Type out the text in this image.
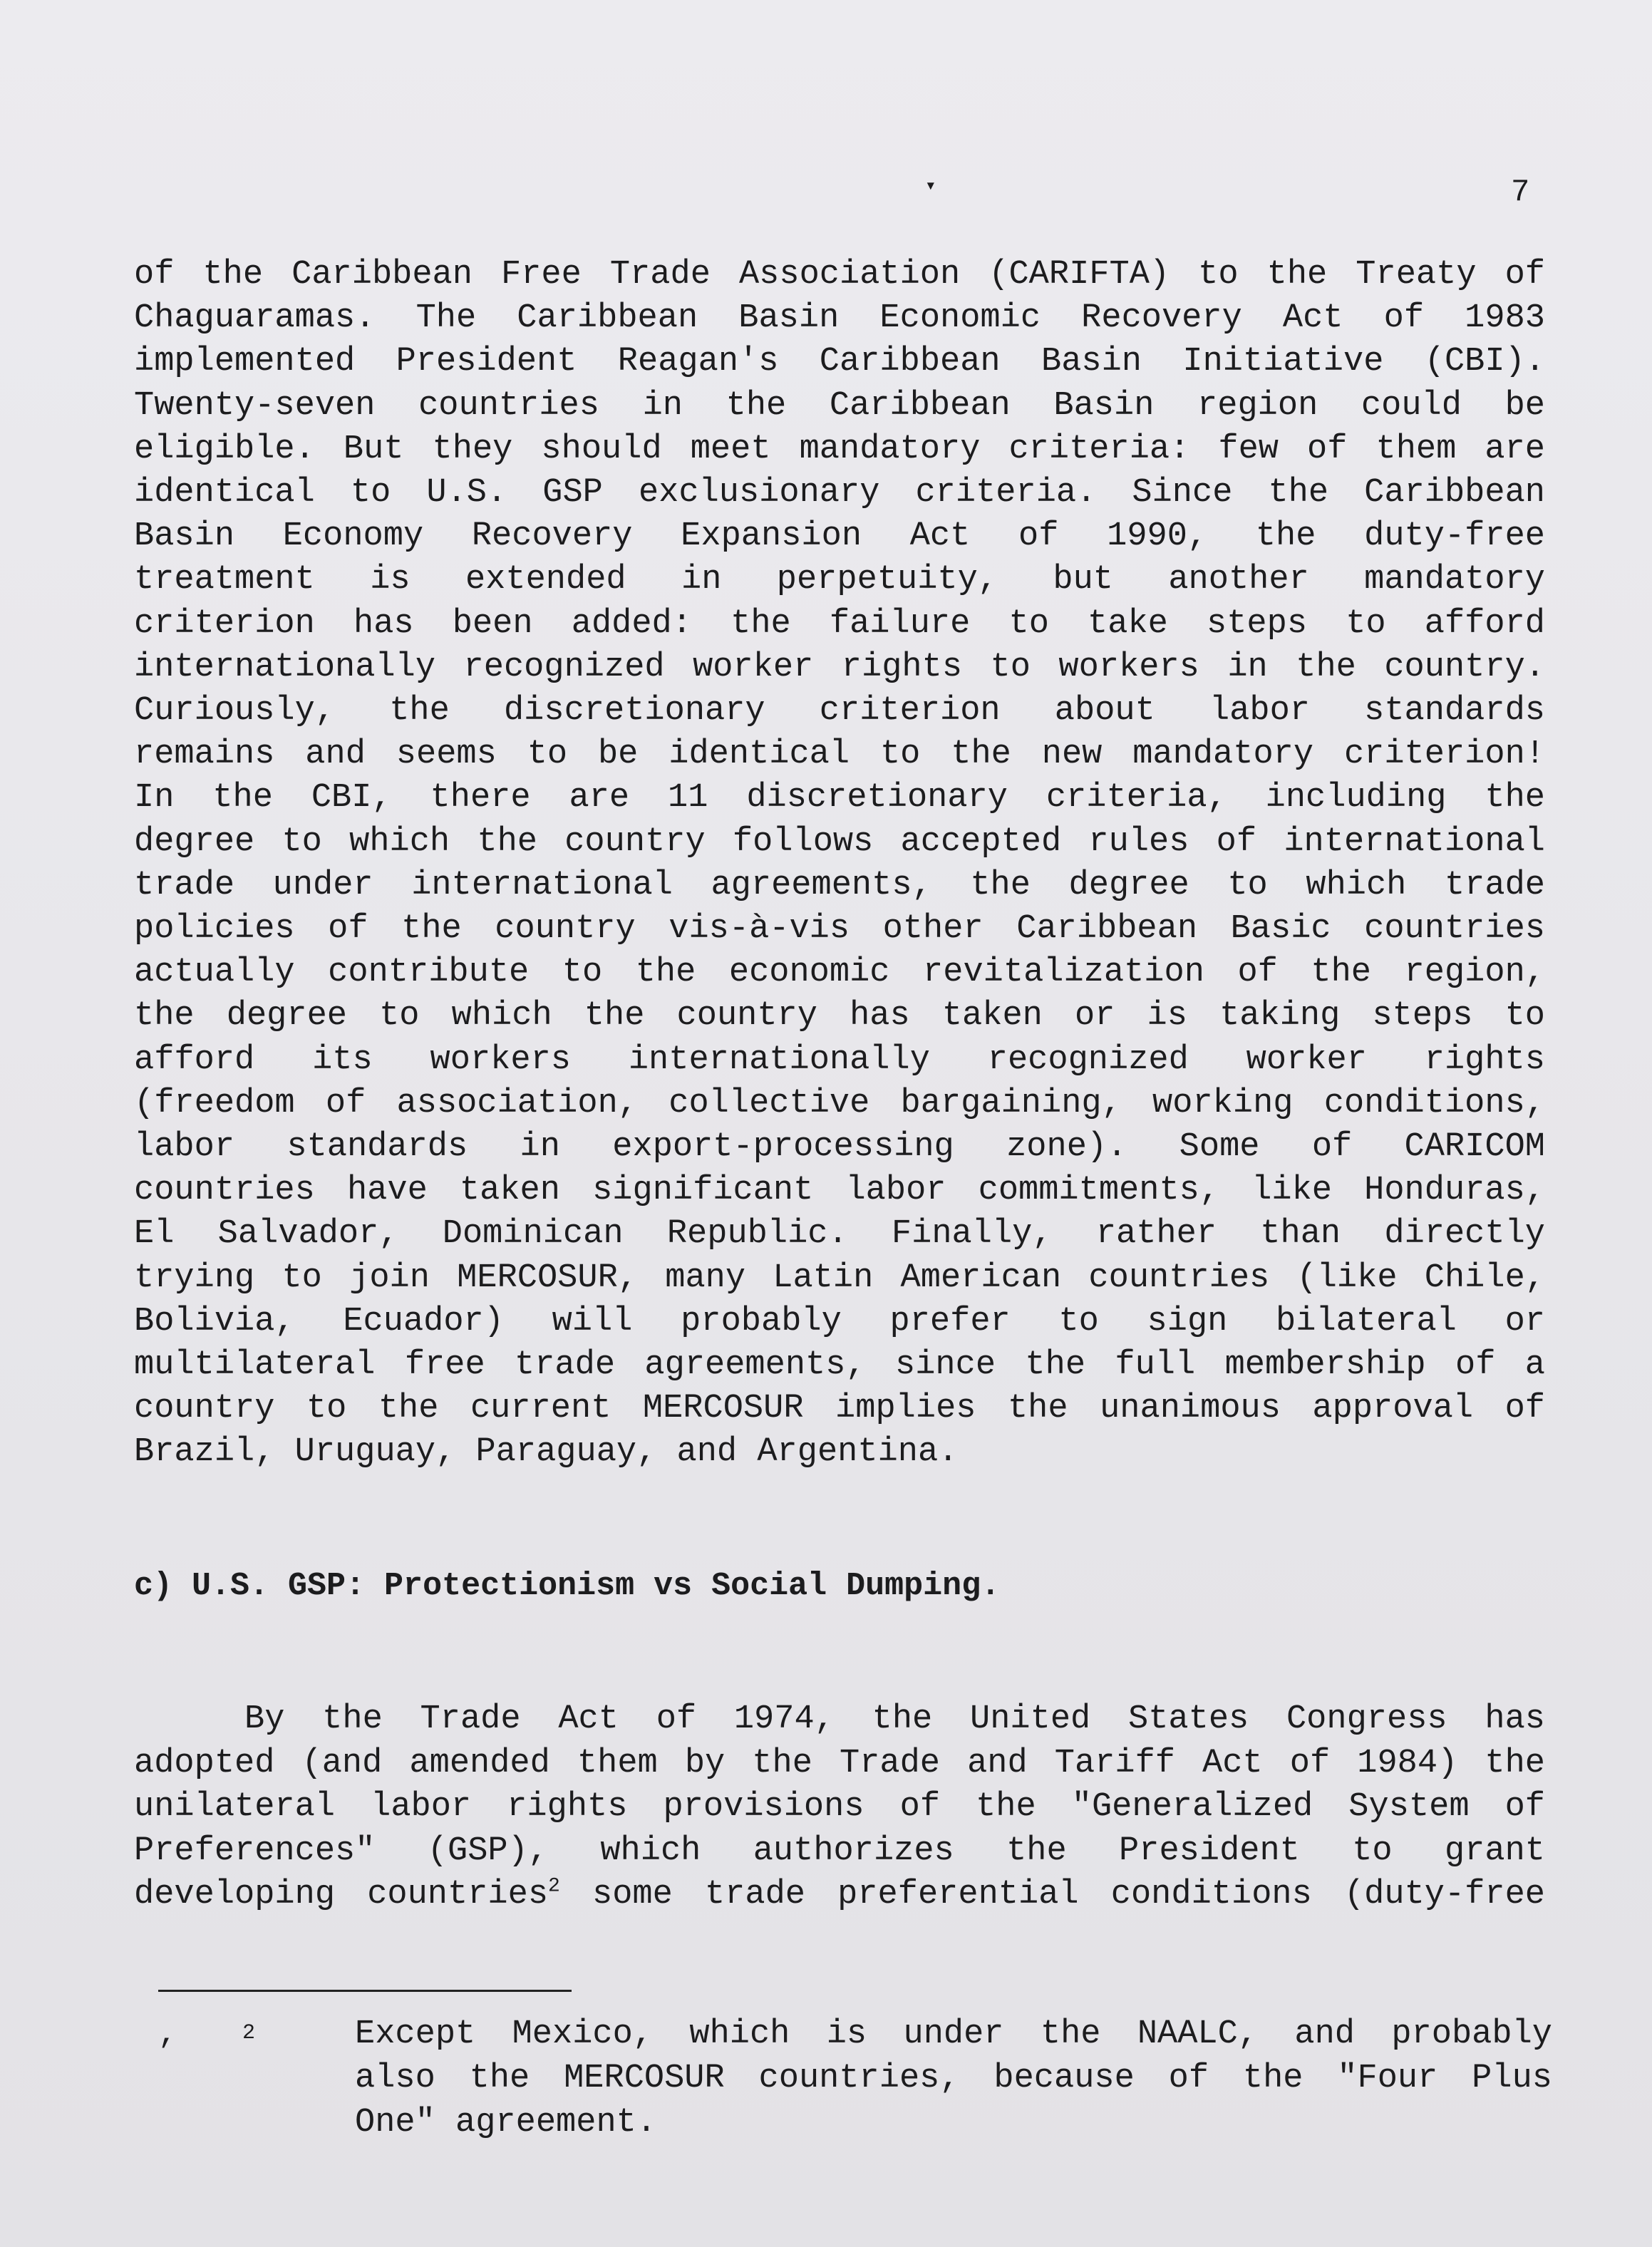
▾	7
of the Caribbean Free Trade Association (CARIFTA) to the Treaty of
Chaguaramas. The Caribbean Basin Economic Recovery Act of 1983
implemented President Reagan's Caribbean Basin Initiative (CBI).
Twenty-seven countries in the Caribbean Basin region could be
eligible. But they should meet mandatory criteria: few of them are
identical to U.S. GSP exclusionary criteria. Since the Caribbean
Basin Economy Recovery Expansion Act of 1990, the duty-free
treatment is extended in perpetuity, but another mandatory
criterion has been added: the failure to take steps to afford
internationally recognized worker rights to workers in the country.
Curiously, the discretionary criterion about labor standards
remains and seems to be identical to the new mandatory criterion!
In the CBI, there are 11 discretionary criteria, including the
degree to which the country follows accepted rules of international
trade under international agreements, the degree to which trade
policies of the country vis-à-vis other Caribbean Basic countries
actually contribute to the economic revitalization of the region,
the degree to which the country has taken or is taking steps to
afford its workers internationally recognized worker rights
(freedom of association, collective bargaining, working conditions,
labor standards in export-processing zone). Some of CARICOM
countries have taken significant labor commitments, like Honduras,
El Salvador, Dominican Republic. Finally, rather than directly
trying to join MERCOSUR, many Latin American countries (like Chile,
Bolivia, Ecuador) will probably prefer to sign bilateral or
multilateral free trade agreements, since the full membership of a
country to the current MERCOSUR implies the unanimous approval of
Brazil, Uruguay, Paraguay, and Argentina.
c) U.S. GSP: Protectionism vs Social Dumping.
By the Trade Act of 1974, the United States Congress has
adopted (and amended them by the Trade and Tariff Act of 1984) the
unilateral labor rights provisions of the "Generalized System of
Preferences" (GSP), which authorizes the President to grant
developing countries$^2$ some trade preferential conditions (duty-free
,	2	Except Mexico, which is under the NAALC, and probably
also the MERCOSUR countries, because of the "Four Plus
One" agreement.
